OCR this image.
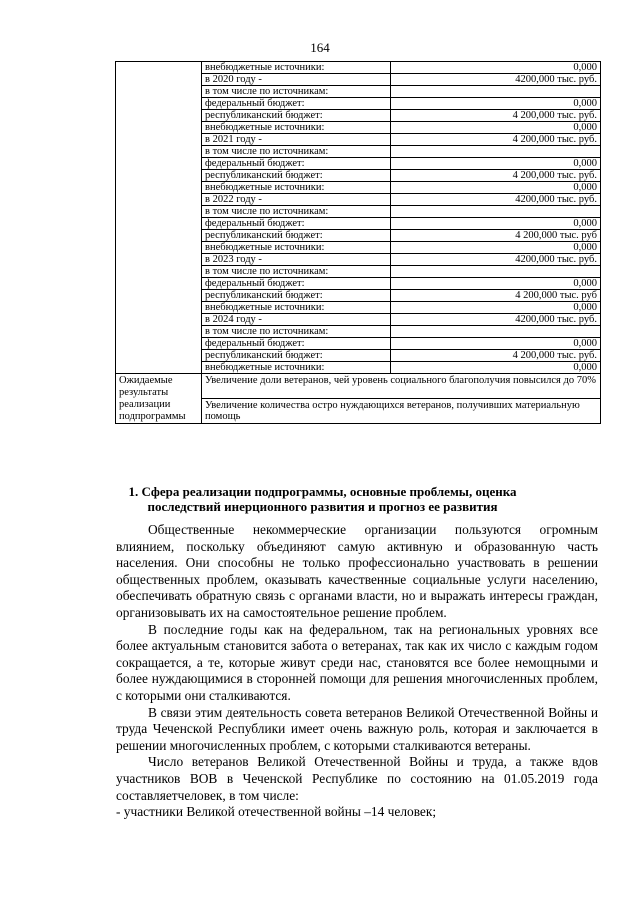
164
	внебюджетные источники:	0,000
	в 2020 году -	4200,000 тыс. руб.
	в том числе по источникам:	
	федеральный бюджет:	0,000
	республиканский бюджет:	4 200,000 тыс. руб.
	внебюджетные источники:	0,000
	в 2021 году -	4 200,000 тыс. руб.
	в том числе по источникам:	
	федеральный бюджет:	0,000
	республиканский бюджет:	4 200,000 тыс. руб.
	внебюджетные источники:	0,000
	в 2022 году -	4200,000 тыс. руб.
	в том числе по источникам:	
	федеральный бюджет:	0,000
	республиканский бюджет:	4 200,000 тыс. руб
	внебюджетные источники:	0,000
	в 2023 году -	4200,000 тыс. руб.
	в том числе по источникам:	
	федеральный бюджет:	0,000
	республиканский бюджет:	4 200,000 тыс. руб
	внебюджетные источники:	0,000
	в 2024 году -	4200,000 тыс. руб.
	в том числе по источникам:	
	федеральный бюджет:	0,000
	республиканский бюджет:	4 200,000 тыс. руб.
	внебюджетные источники:	0,000

Ожидаемые
результаты	Увеличение доли ветеранов, чей уровень социального благополучия повысился до 70%	

реализации
подпрограммы	Увеличение количества остро нуждающихся ветеранов, получивших материальную помощь	
1. Сфера реализации подпрограммы, основные проблемы, оценка последствий инерционного развития и прогноз ее развития

Общественные некоммерческие организации пользуются огромным влиянием, поскольку объединяют самую активную и образованную часть населения. Они способны не только профессионально участвовать в решении общественных проблем, оказывать качественные социальные услуги населению, обеспечивать обратную связь с органами власти, но и выражать интересы граждан, организовывать их на самостоятельное решение проблем.

В последние годы как на федеральном, так на региональных уровнях все более актуальным становится забота о ветеранах, так как их число с каждым годом сокращается, а те, которые живут среди нас, становятся все более немощными и более нуждающимися в сторонней помощи для решения многочисленных проблем, с которыми они сталкиваются.

В связи этим деятельность совета ветеранов Великой Отечественной Войны и труда Чеченской Республики имеет очень важную роль, которая и заключается в решении многочисленных проблем, с которыми сталкиваются ветераны.

Число ветеранов Великой Отечественной Войны и труда, а также вдов участников ВОВ в Чеченской Республике по состоянию на 01.05.2019 года составляетчеловек, в том числе:

- участники Великой отечественной войны –14 человек;
